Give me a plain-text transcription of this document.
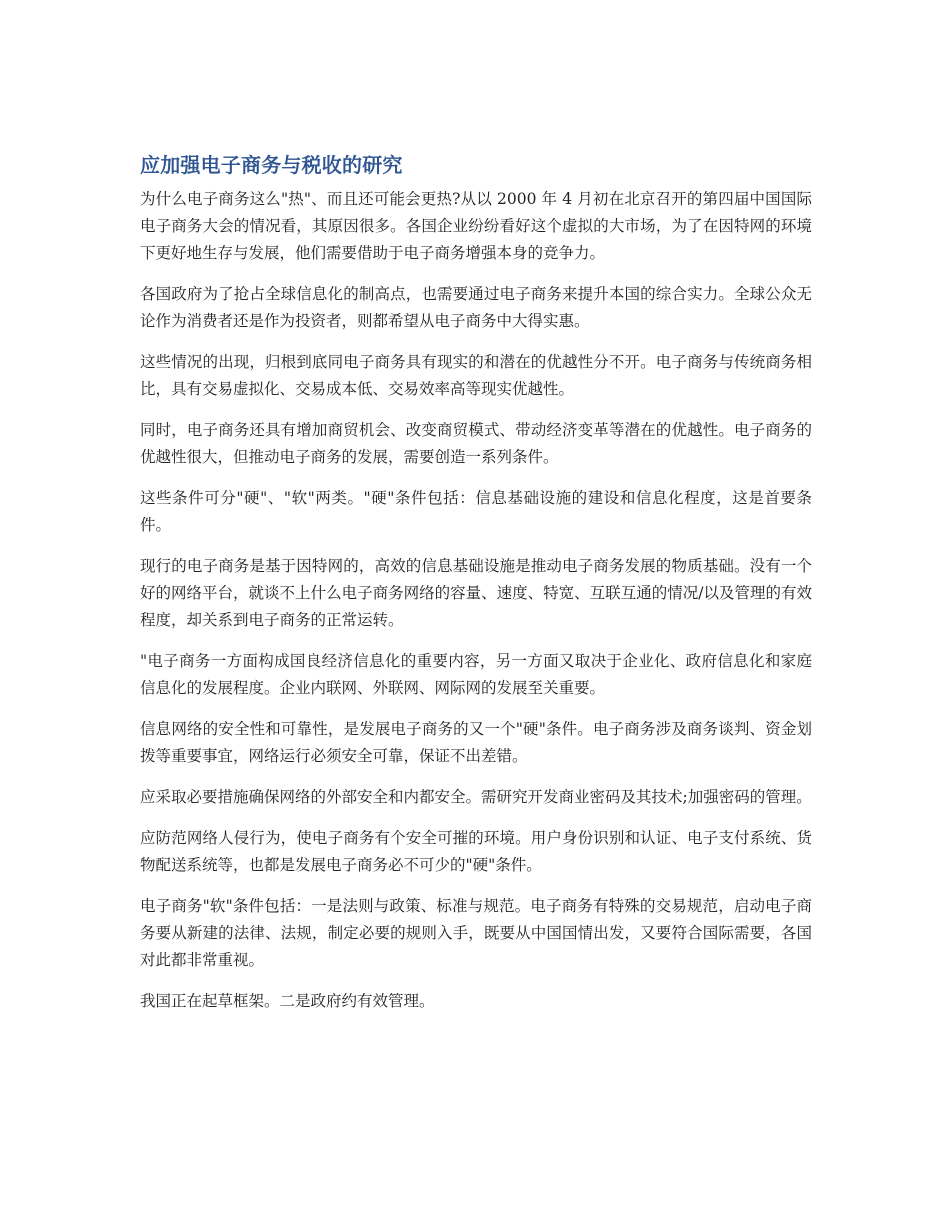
应加强电子商务与税收的研究

为什么电子商务这么"热"、而且还可能会更热?从以 2000 年 4 月初在北京召开的第四届中国国际电子商务大会的情况看，其原因很多。各国企业纷纷看好这个虚拟的大市场，为了在因特网的环境下更好地生存与发展，他们需要借助于电子商务增强本身的竞争力。

各国政府为了抢占全球信息化的制高点，也需要通过电子商务来提升本国的综合实力。全球公众无论作为消费者还是作为投资者，则都希望从电子商务中大得实惠。

这些情况的出现，归根到底同电子商务具有现实的和潜在的优越性分不开。电子商务与传统商务相比，具有交易虚拟化、交易成本低、交易效率高等现实优越性。

同时，电子商务还具有增加商贸机会、改变商贸模式、带动经济变革等潜在的优越性。电子商务的优越性很大，但推动电子商务的发展，需要创造一系列条件。

这些条件可分"硬"、"软"两类。"硬"条件包括：信息基础设施的建设和信息化程度，这是首要条件。

现行的电子商务是基于因特网的，高效的信息基础设施是推动电子商务发展的物质基础。没有一个好的网络平台，就谈不上什么电子商务网络的容量、速度、特宽、互联互通的情况/以及管理的有效程度，却关系到电子商务的正常运转。

"电子商务一方面构成国良经济信息化的重要内容，另一方面又取决于企业化、政府信息化和家庭信息化的发展程度。企业内联网、外联网、网际网的发展至关重要。

信息网络的安全性和可靠性，是发展电子商务的又一个"硬"条件。电子商务涉及商务谈判、资金划拨等重要事宜，网络运行必须安全可靠，保证不出差错。

应采取必要措施确保网络的外部安全和内都安全。需研究开发商业密码及其技术;加强密码的管理。

应防范网络人侵行为，使电子商务有个安全可摧的环境。用户身份识别和认证、电子支付系统、货物配送系统等，也都是发展电子商务必不可少的"硬"条件。

电子商务"软"条件包括：一是法则与政策、标准与规范。电子商务有特殊的交易规范，启动电子商务要从新建的法律、法规，制定必要的规则入手，既要从中国国情出发，又要符合国际需要，各国对此都非常重视。

我国正在起草框架。二是政府约有效管理。
